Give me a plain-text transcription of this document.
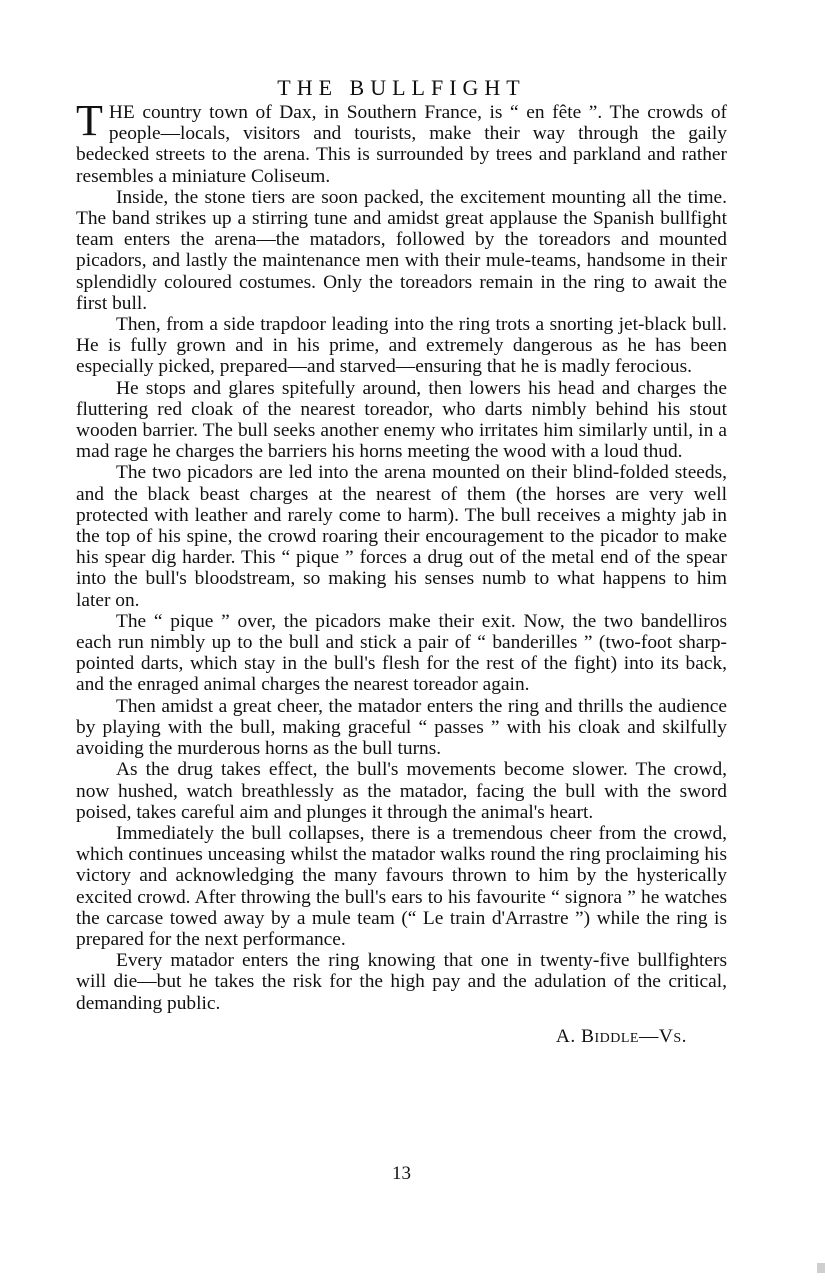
THE BULLFIGHT

THE country town of Dax, in Southern France, is “ en fête ”. The crowds of people—locals, visitors and tourists, make their way through the gaily bedecked streets to the arena. This is surrounded by trees and parkland and rather resembles a miniature Coliseum.

Inside, the stone tiers are soon packed, the excitement mounting all the time. The band strikes up a stirring tune and amidst great applause the Spanish bullfight team enters the arena—the matadors, followed by the toreadors and mounted picadors, and lastly the maintenance men with their mule-teams, handsome in their splendidly coloured costumes. Only the toreadors remain in the ring to await the first bull.

Then, from a side trapdoor leading into the ring trots a snorting jet-black bull. He is fully grown and in his prime, and extremely dangerous as he has been especially picked, prepared—and starved—ensuring that he is madly ferocious.

He stops and glares spitefully around, then lowers his head and charges the fluttering red cloak of the nearest toreador, who darts nimbly behind his stout wooden barrier. The bull seeks another enemy who irritates him similarly until, in a mad rage he charges the barriers his horns meeting the wood with a loud thud.

The two picadors are led into the arena mounted on their blind-folded steeds, and the black beast charges at the nearest of them (the horses are very well protected with leather and rarely come to harm). The bull receives a mighty jab in the top of his spine, the crowd roaring their encouragement to the picador to make his spear dig harder. This “ pique ” forces a drug out of the metal end of the spear into the bull's bloodstream, so making his senses numb to what happens to him later on.

The “ pique ” over, the picadors make their exit. Now, the two bandelliros each run nimbly up to the bull and stick a pair of “ banderilles ” (two-foot sharp-pointed darts, which stay in the bull's flesh for the rest of the fight) into its back, and the enraged animal charges the nearest toreador again.

Then amidst a great cheer, the matador enters the ring and thrills the audience by playing with the bull, making graceful “ passes ” with his cloak and skilfully avoiding the murderous horns as the bull turns.

As the drug takes effect, the bull's movements become slower. The crowd, now hushed, watch breathlessly as the matador, facing the bull with the sword poised, takes careful aim and plunges it through the animal's heart.

Immediately the bull collapses, there is a tremendous cheer from the crowd, which continues unceasing whilst the matador walks round the ring proclaiming his victory and acknowledging the many favours thrown to him by the hysterically excited crowd. After throwing the bull's ears to his favourite “ signora ” he watches the carcase towed away by a mule team (“ Le train d'Arrastre ”) while the ring is prepared for the next performance.

Every matador enters the ring knowing that one in twenty-five bullfighters will die—but he takes the risk for the high pay and the adulation of the critical, demanding public.

A. Biddle—Vs.
13
